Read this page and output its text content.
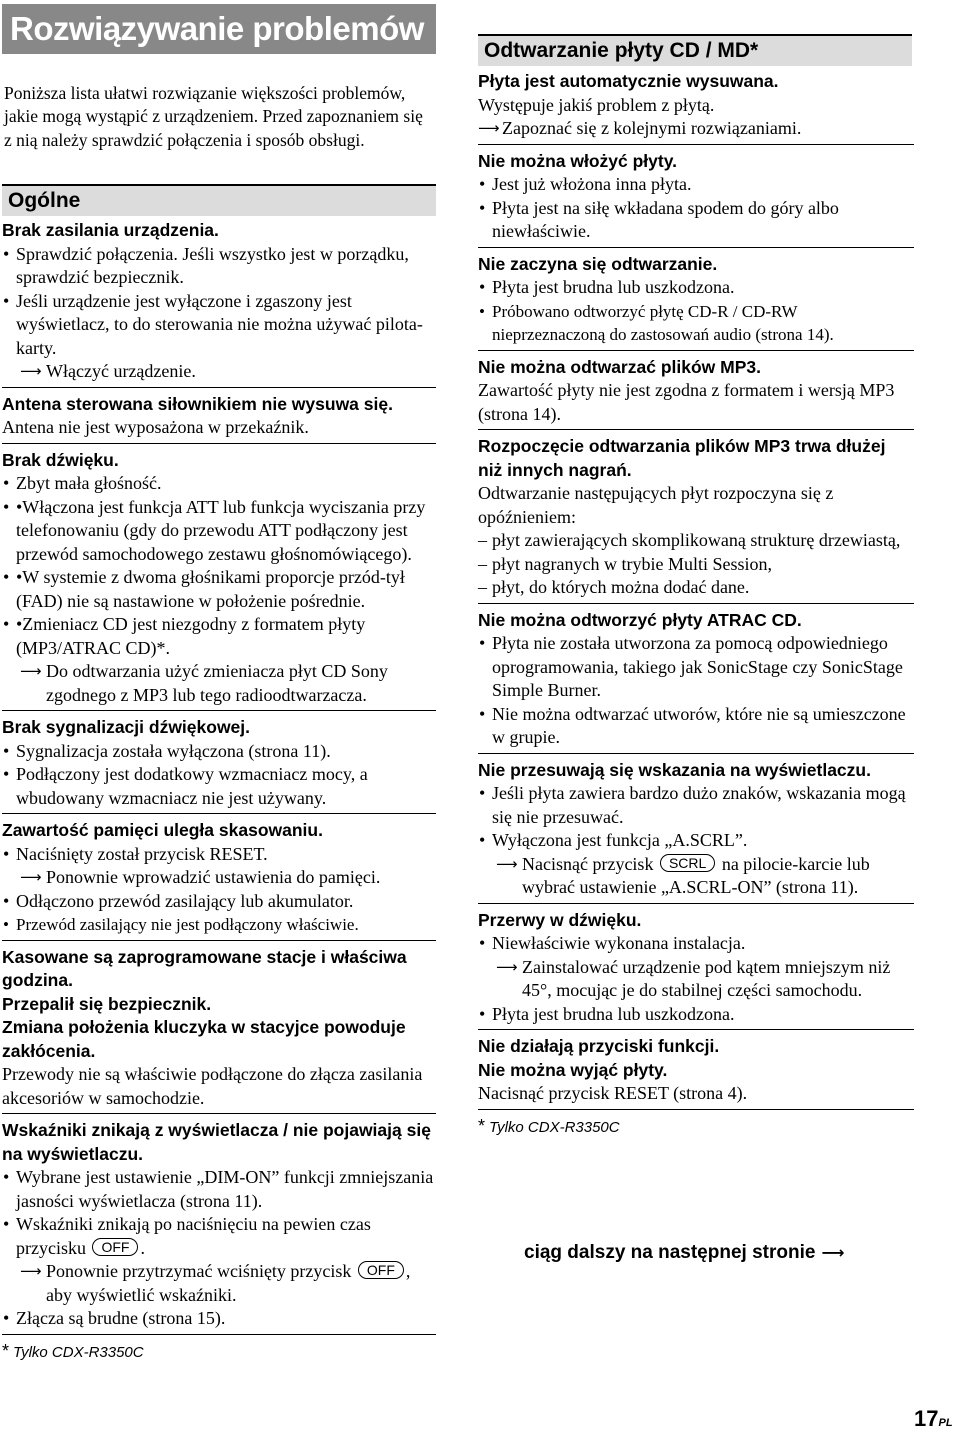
Rozwiązywanie problemów

Poniższa lista ułatwi rozwiązanie większości problemów, jakie mogą wystąpić z urządzeniem. Przed zapoznaniem się z nią należy sprawdzić połączenia i sposób obsługi.

Ogólne

Brak zasilania urządzenia.

• Sprawdzić połączenia. Jeśli wszystko jest w porządku, sprawdzić bezpiecznik.

• Jeśli urządzenie jest wyłączone i zgaszony jest wyświetlacz, to do sterowania nie można używać pilota-karty.

⟶ Włączyć urządzenie.

Antena sterowana siłownikiem nie wysuwa się.

Antena nie jest wyposażona w przekaźnik.

Brak dźwięku.

• Zbyt mała głośność.

• •Włączona jest funkcja ATT lub funkcja wyciszania przy telefonowaniu (gdy do przewodu ATT podłączony jest przewód samochodowego zestawu głośnomówiącego).

• •W systemie z dwoma głośnikami proporcje przód-tył (FAD) nie są nastawione w położenie pośrednie.

• •Zmieniacz CD jest niezgodny z formatem płyty (MP3/ATRAC CD)*.

⟶ Do odtwarzania użyć zmieniacza płyt CD Sony zgodnego z MP3 lub tego radioodtwarzacza.

Brak sygnalizacji dźwiękowej.

• Sygnalizacja została wyłączona (strona 11).

• Podłączony jest dodatkowy wzmacniacz mocy, a wbudowany wzmacniacz nie jest używany.

Zawartość pamięci uległa skasowaniu.

• Naciśnięty został przycisk RESET.

⟶ Ponownie wprowadzić ustawienia do pamięci.

• Odłączono przewód zasilający lub akumulator.

• Przewód zasilający nie jest podłączony właściwie.

Kasowane są zaprogramowane stacje i właściwa godzina.

Przepalił się bezpiecznik.

Zmiana położenia kluczyka w stacyjce powoduje zakłócenia.

Przewody nie są właściwie podłączone do złącza zasilania akcesoriów w samochodzie.

Wskaźniki znikają z wyświetlacza / nie pojawiają się na wyświetlaczu.

• Wybrane jest ustawienie „DIM-ON” funkcji zmniejszania jasności wyświetlacza (strona 11).

• Wskaźniki znikają po naciśnięciu na pewien czas przycisku OFF .

⟶ Ponownie przytrzymać wciśnięty przycisk OFF , aby wyświetlić wskaźniki.

• Złącza są brudne (strona 15).

* Tylko CDX-R3350C

Odtwarzanie płyty CD / MD*

Płyta jest automatycznie wysuwana.

Występuje jakiś problem z płytą.

⟶ Zapoznać się z kolejnymi rozwiązaniami.

Nie można włożyć płyty.

• Jest już włożona inna płyta.

• Płyta jest na siłę wkładana spodem do góry albo niewłaściwie.

Nie zaczyna się odtwarzanie.

• Płyta jest brudna lub uszkodzona.

• Próbowano odtworzyć płytę CD-R / CD-RW nieprzeznaczoną do zastosowań audio (strona 14).

Nie można odtwarzać plików MP3.

Zawartość płyty nie jest zgodna z formatem i wersją MP3 (strona 14).

Rozpoczęcie odtwarzania plików MP3 trwa dłużej niż innych nagrań.

Odtwarzanie następujących płyt rozpoczyna się z opóźnieniem:

– płyt zawierających skomplikowaną strukturę drzewiastą,

– płyt nagranych w trybie Multi Session,

– płyt, do których można dodać dane.

Nie można odtworzyć płyty ATRAC CD.

• Płyta nie została utworzona za pomocą odpowiedniego oprogramowania, takiego jak SonicStage czy SonicStage Simple Burner.

• Nie można odtwarzać utworów, które nie są umieszczone w grupie.

Nie przesuwają się wskazania na wyświetlaczu.

• Jeśli płyta zawiera bardzo dużo znaków, wskazania mogą się nie przesuwać.

• Wyłączona jest funkcja „A.SCRL”.

⟶ Nacisnąć przycisk SCRL na pilocie-karcie lub wybrać ustawienie „A.SCRL-ON” (strona 11).

Przerwy w dźwięku.

• Niewłaściwie wykonana instalacja.

⟶ Zainstalować urządzenie pod kątem mniejszym niż 45°, mocując je do stabilnej części samochodu.

• Płyta jest brudna lub uszkodzona.

Nie działają przyciski funkcji.

Nie można wyjąć płyty.

Nacisnąć przycisk RESET (strona 4).

* Tylko CDX-R3350C

ciąg dalszy na następnej stronie ⟶
17PL
